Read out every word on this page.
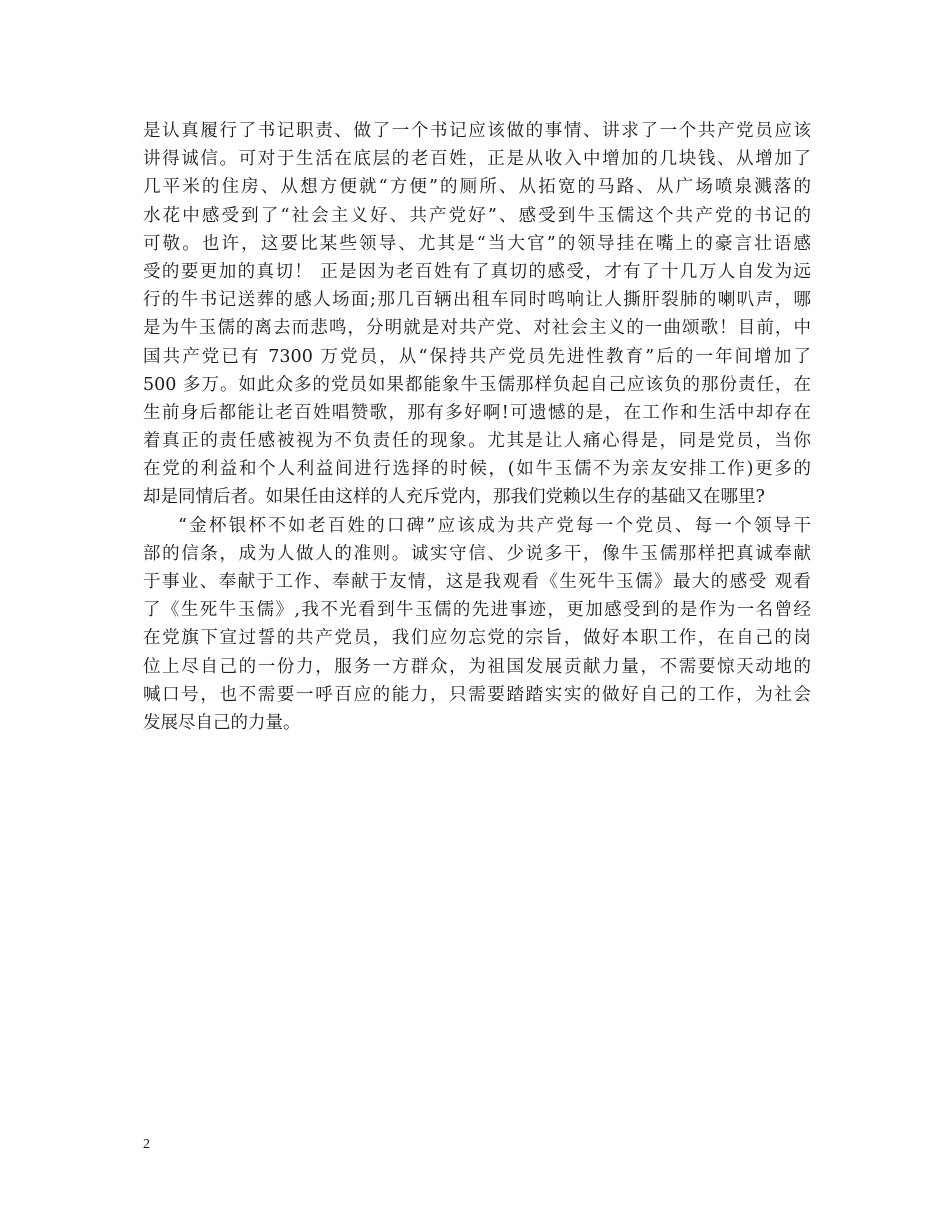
是认真履行了书记职责、做了一个书记应该做的事情、讲求了一个共产党员应该
讲得诚信。可对于生活在底层的老百姓，正是从收入中增加的几块钱、从增加了
几平米的住房、从想方便就“方便”的厕所、从拓宽的马路、从广场喷泉溅落的
水花中感受到了“社会主义好、共产党好”、感受到牛玉儒这个共产党的书记的
可敬。也许，这要比某些领导、尤其是“当大官”的领导挂在嘴上的豪言壮语感
受的要更加的真切！ 正是因为老百姓有了真切的感受，才有了十几万人自发为远
行的牛书记送葬的感人场面;那几百辆出租车同时鸣响让人撕肝裂肺的喇叭声，哪
是为牛玉儒的离去而悲鸣，分明就是对共产党、对社会主义的一曲颂歌！目前，中
国共产党已有 7300 万党员，从“保持共产党员先进性教育”后的一年间增加了
500 多万。如此众多的党员如果都能象牛玉儒那样负起自己应该负的那份责任，在
生前身后都能让老百姓唱赞歌，那有多好啊!可遗憾的是，在工作和生活中却存在
着真正的责任感被视为不负责任的现象。尤其是让人痛心得是，同是党员，当你
在党的利益和个人利益间进行选择的时候，(如牛玉儒不为亲友安排工作)更多的
却是同情后者。如果任由这样的人充斥党内，那我们党赖以生存的基础又在哪里?
“金杯银杯不如老百姓的口碑”应该成为共产党每一个党员、每一个领导干
部的信条，成为人做人的准则。诚实守信、少说多干，像牛玉儒那样把真诚奉献
于事业、奉献于工作、奉献于友情，这是我观看《生死牛玉儒》最大的感受 观看
了《生死牛玉儒》,我不光看到牛玉儒的先进事迹，更加感受到的是作为一名曾经
在党旗下宣过誓的共产党员，我们应勿忘党的宗旨，做好本职工作，在自己的岗
位上尽自己的一份力，服务一方群众，为祖国发展贡献力量，不需要惊天动地的
喊口号，也不需要一呼百应的能力，只需要踏踏实实的做好自己的工作，为社会
发展尽自己的力量。
2
